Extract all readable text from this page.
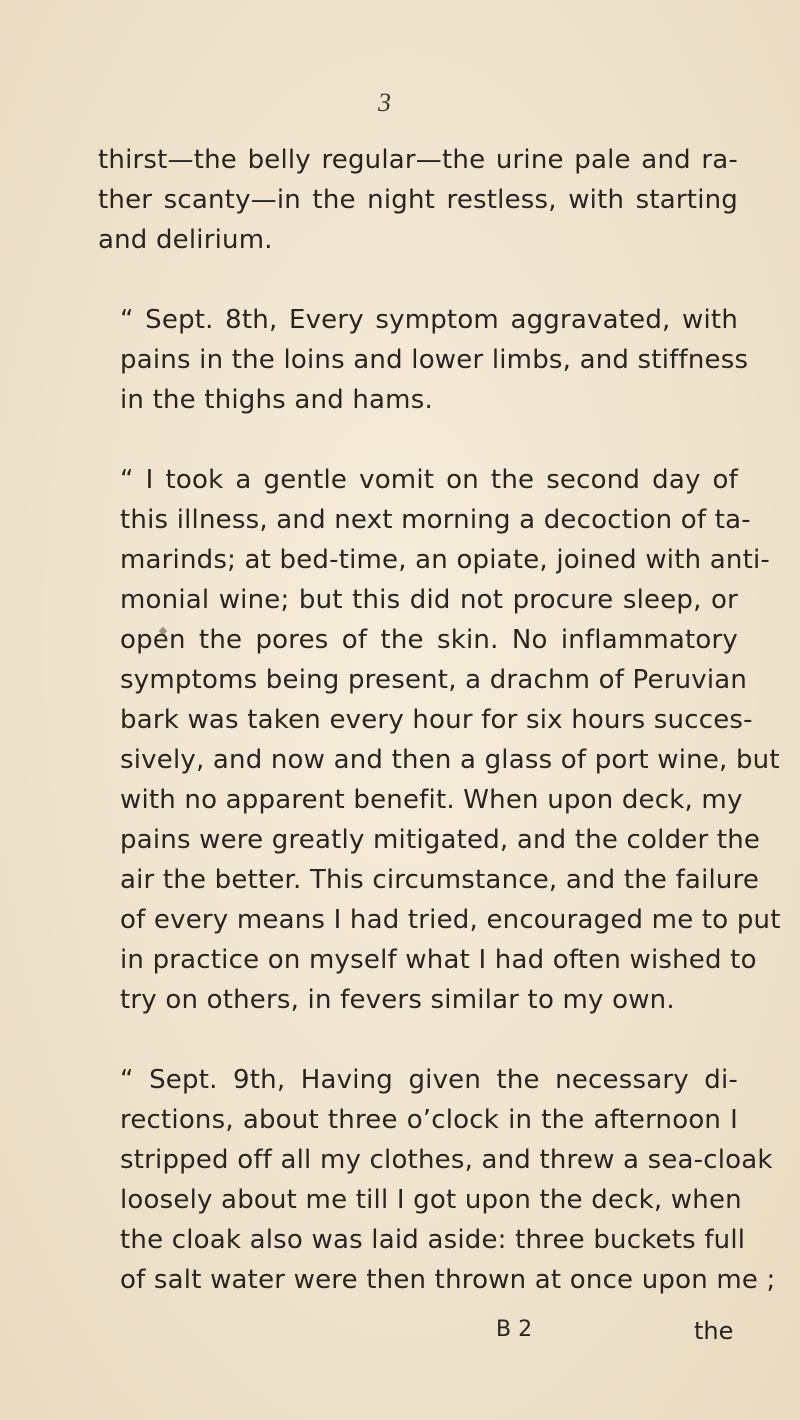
3

thirst—the belly regular—the urine pale and ra-
ther scanty—in the night restless, with starting
and delirium.

“ Sept. 8th, Every symptom aggravated, with
pains in the loins and lower limbs, and stiffness
in the thighs and hams.

“ I took a gentle vomit on the second day of
this illness, and next morning a decoction of ta-
marinds; at bed-time, an opiate, joined with anti-
monial wine; but this did not procure sleep, or
open the pores of the skin. No inflammatory
symptoms being present, a drachm of Peruvian
bark was taken every hour for six hours succes-
sively, and now and then a glass of port wine, but
with no apparent benefit. When upon deck, my
pains were greatly mitigated, and the colder the
air the better. This circumstance, and the failure
of every means I had tried, encouraged me to put
in practice on myself what I had often wished to
try on others, in fevers similar to my own.

“ Sept. 9th, Having given the necessary di-
rections, about three o’clock in the afternoon I
stripped off all my clothes, and threw a sea-cloak
loosely about me till I got upon the deck, when
the cloak also was laid aside: three buckets full
of salt water were then thrown at once upon me ;

B 2	the
